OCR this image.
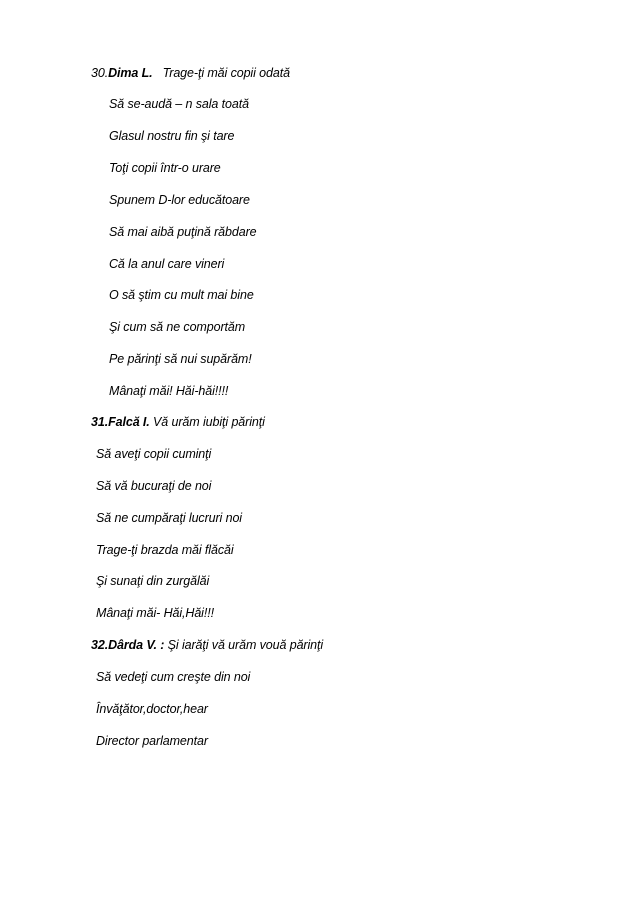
30.Dima L. Trage-ţi măi copii odată
Să se-audă – n sala toată
Glasul nostru fin şi tare
Toţi copii într-o urare
Spunem D-lor educătoare
Să mai aibă puţină răbdare
Că la anul care vineri
O să ştim cu mult mai bine
Şi cum să ne comportăm
Pe părinţi să nui supărăm!
Mânaţi măi! Hăi-hăi!!!!
31.Falcă I. Vă urăm iubiţi părinţi
Să aveţi copii cuminţi
Să vă bucuraţi de noi
Să ne cumpăraţi lucruri noi
Trage-ţi brazda măi flăcăi
Şi sunaţi din zurgălăi
Mânaţi măi- Hăi,Hăi!!!
32.Dârda V. : Şi iarăţi vă urăm vouă părinţi
Să vedeţi cum creşte din noi
Învăţător,doctor,hear
Director parlamentar
